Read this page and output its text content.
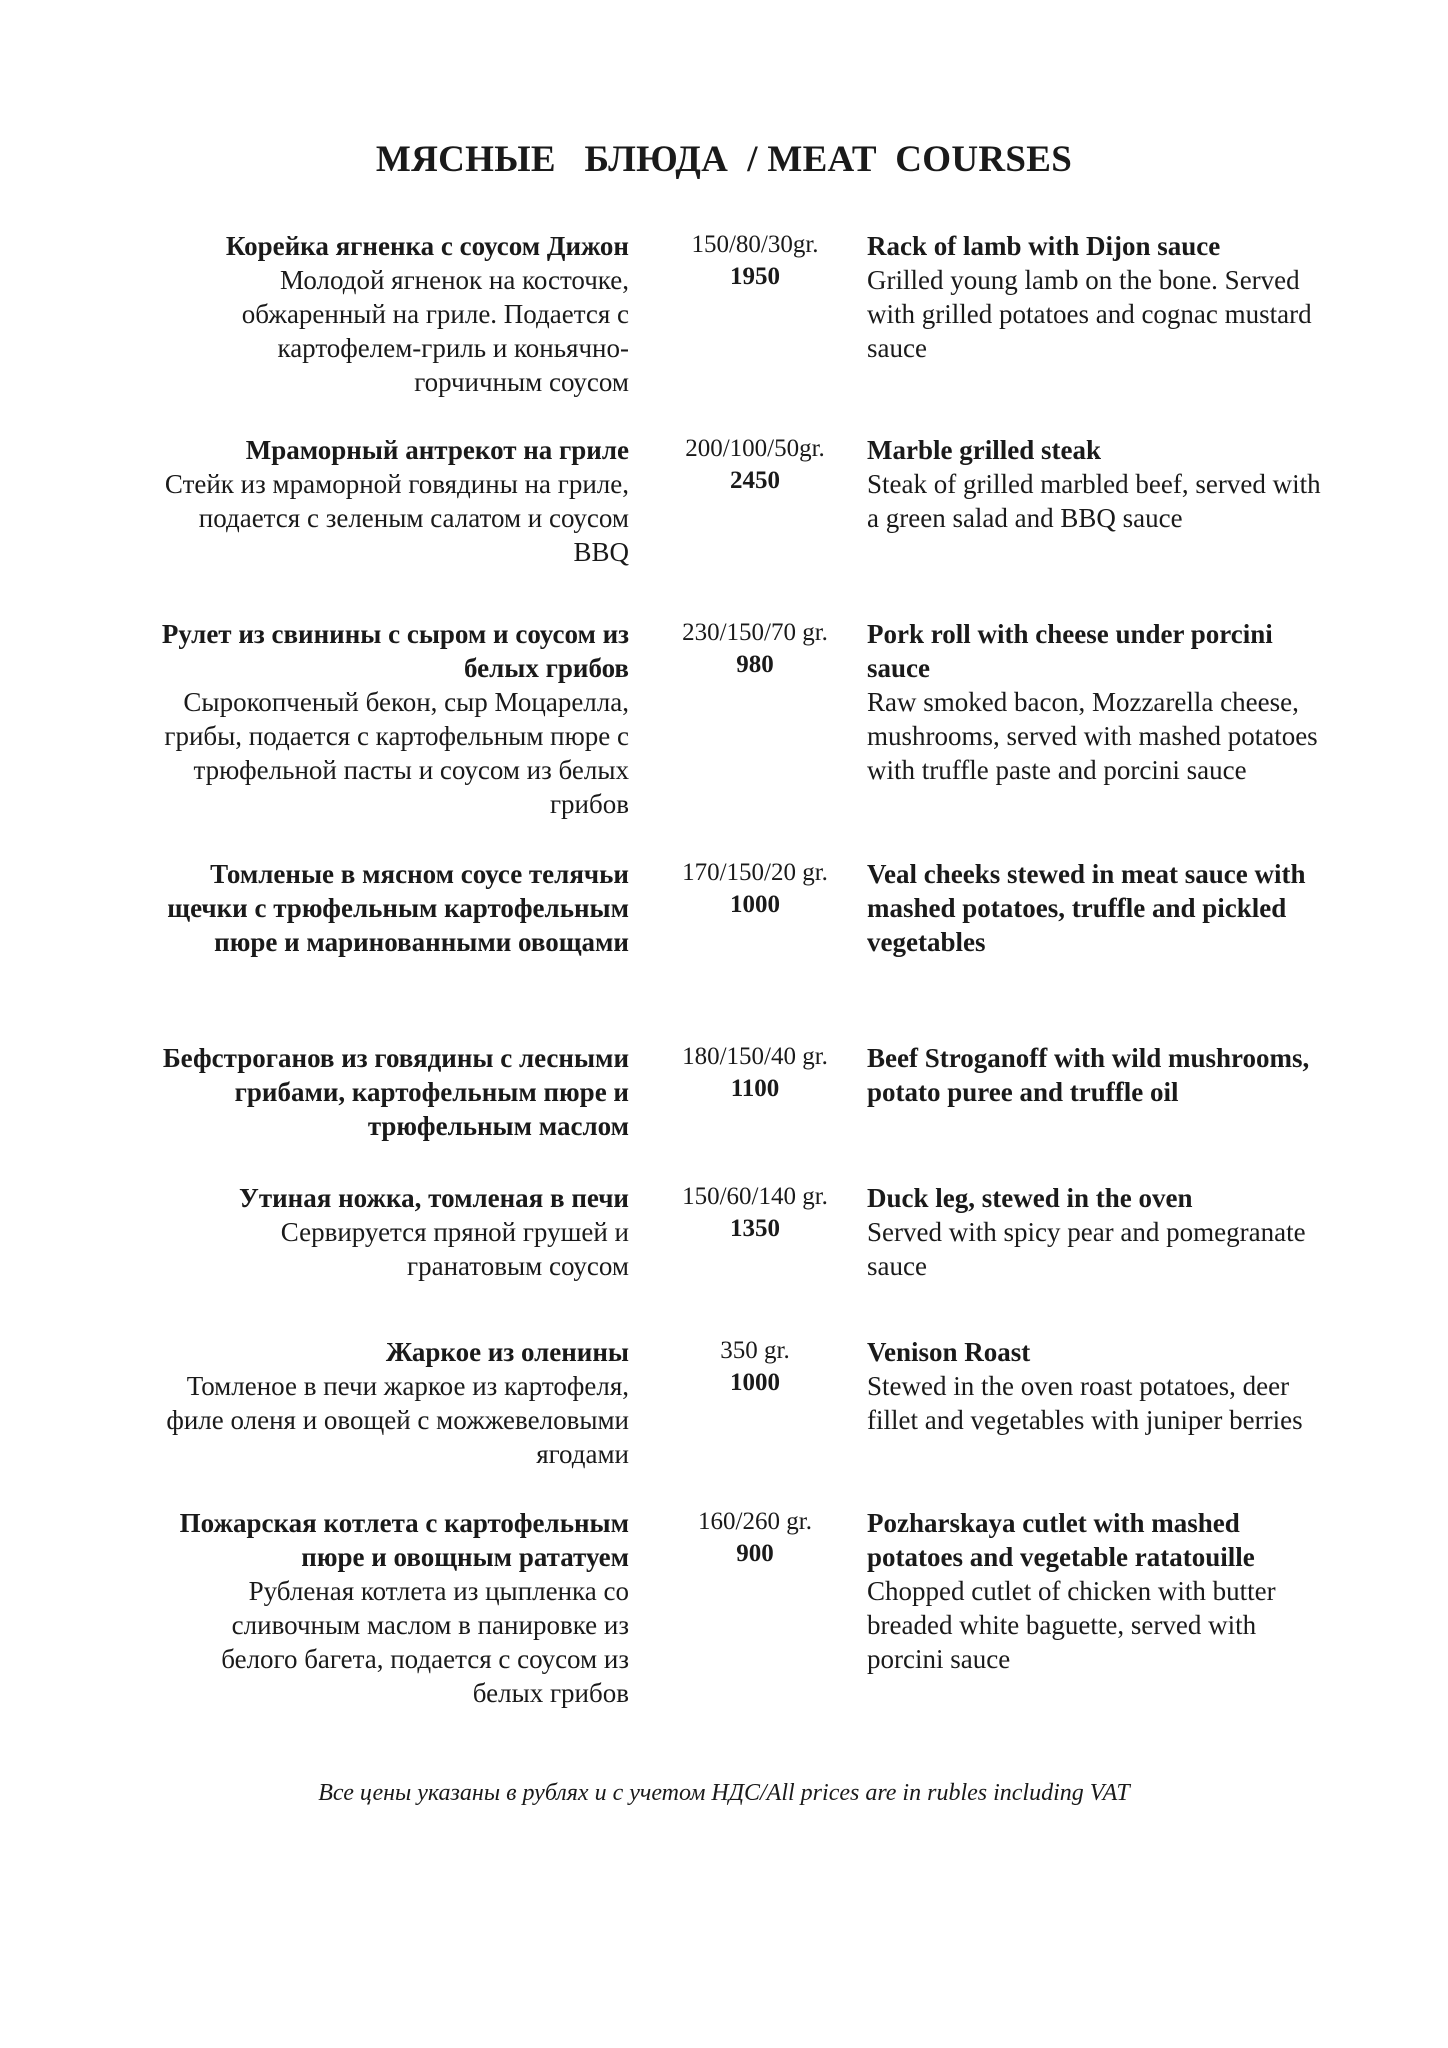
МЯСНЫЕ   БЛЮДА  / MEAT  COURSES
Корейка ягненка с соусом Дижон
Молодой ягненок на косточке, обжаренный на гриле. Подается с картофелем-гриль и коньячно-горчичным соусом
150/80/30gr.
1950
Rack of lamb with Dijon sauce
Grilled young lamb on the bone. Served with grilled potatoes and cognac mustard sauce
Мраморный антрекот на гриле
Стейк из мраморной говядины на гриле, подается с зеленым салатом и соусом BBQ
200/100/50gr.
2450
Marble grilled steak
Steak of grilled marbled beef, served with a green salad and BBQ sauce
Рулет из свинины с сыром и соусом из белых грибов
Сырокопченый бекон, сыр Моцарелла, грибы, подается с картофельным пюре с трюфельной пасты и соусом из белых грибов
230/150/70 gr.
980
Pork roll with cheese under porcini sauce
Raw smoked bacon, Mozzarella cheese, mushrooms, served with mashed potatoes with truffle paste and porcini sauce
Томленые в мясном соусе телячьи щечки с трюфельным картофельным пюре и маринованными овощами
170/150/20 gr.
1000
Veal cheeks stewed in meat sauce with mashed potatoes, truffle and pickled vegetables
Бефстроганов из говядины с лесными грибами, картофельным пюре и трюфельным маслом
180/150/40 gr.
1100
Beef Stroganoff with wild mushrooms, potato puree and truffle oil
Утиная ножка, томленая в печи
Сервируется пряной грушей и гранатовым соусом
150/60/140 gr.
1350
Duck leg, stewed in the oven
Served with spicy pear and pomegranate sauce
Жаркое из оленины
Томленое в печи жаркое из картофеля, филе оленя и овощей с можжевеловыми ягодами
350 gr.
1000
Venison Roast
Stewed in the oven roast potatoes, deer fillet and vegetables with juniper berries
Пожарская котлета с картофельным пюре и овощным рататуем
Рубленая котлета из цыпленка со сливочным маслом в панировке из белого багета, подается с соусом из белых грибов
160/260 gr.
900
Pozharskaya cutlet with mashed potatoes and vegetable ratatouille
Chopped cutlet of chicken with butter breaded white baguette, served with porcini sauce
Все цены указаны в рублях и с учетом НДС/All prices are in rubles including VAT
